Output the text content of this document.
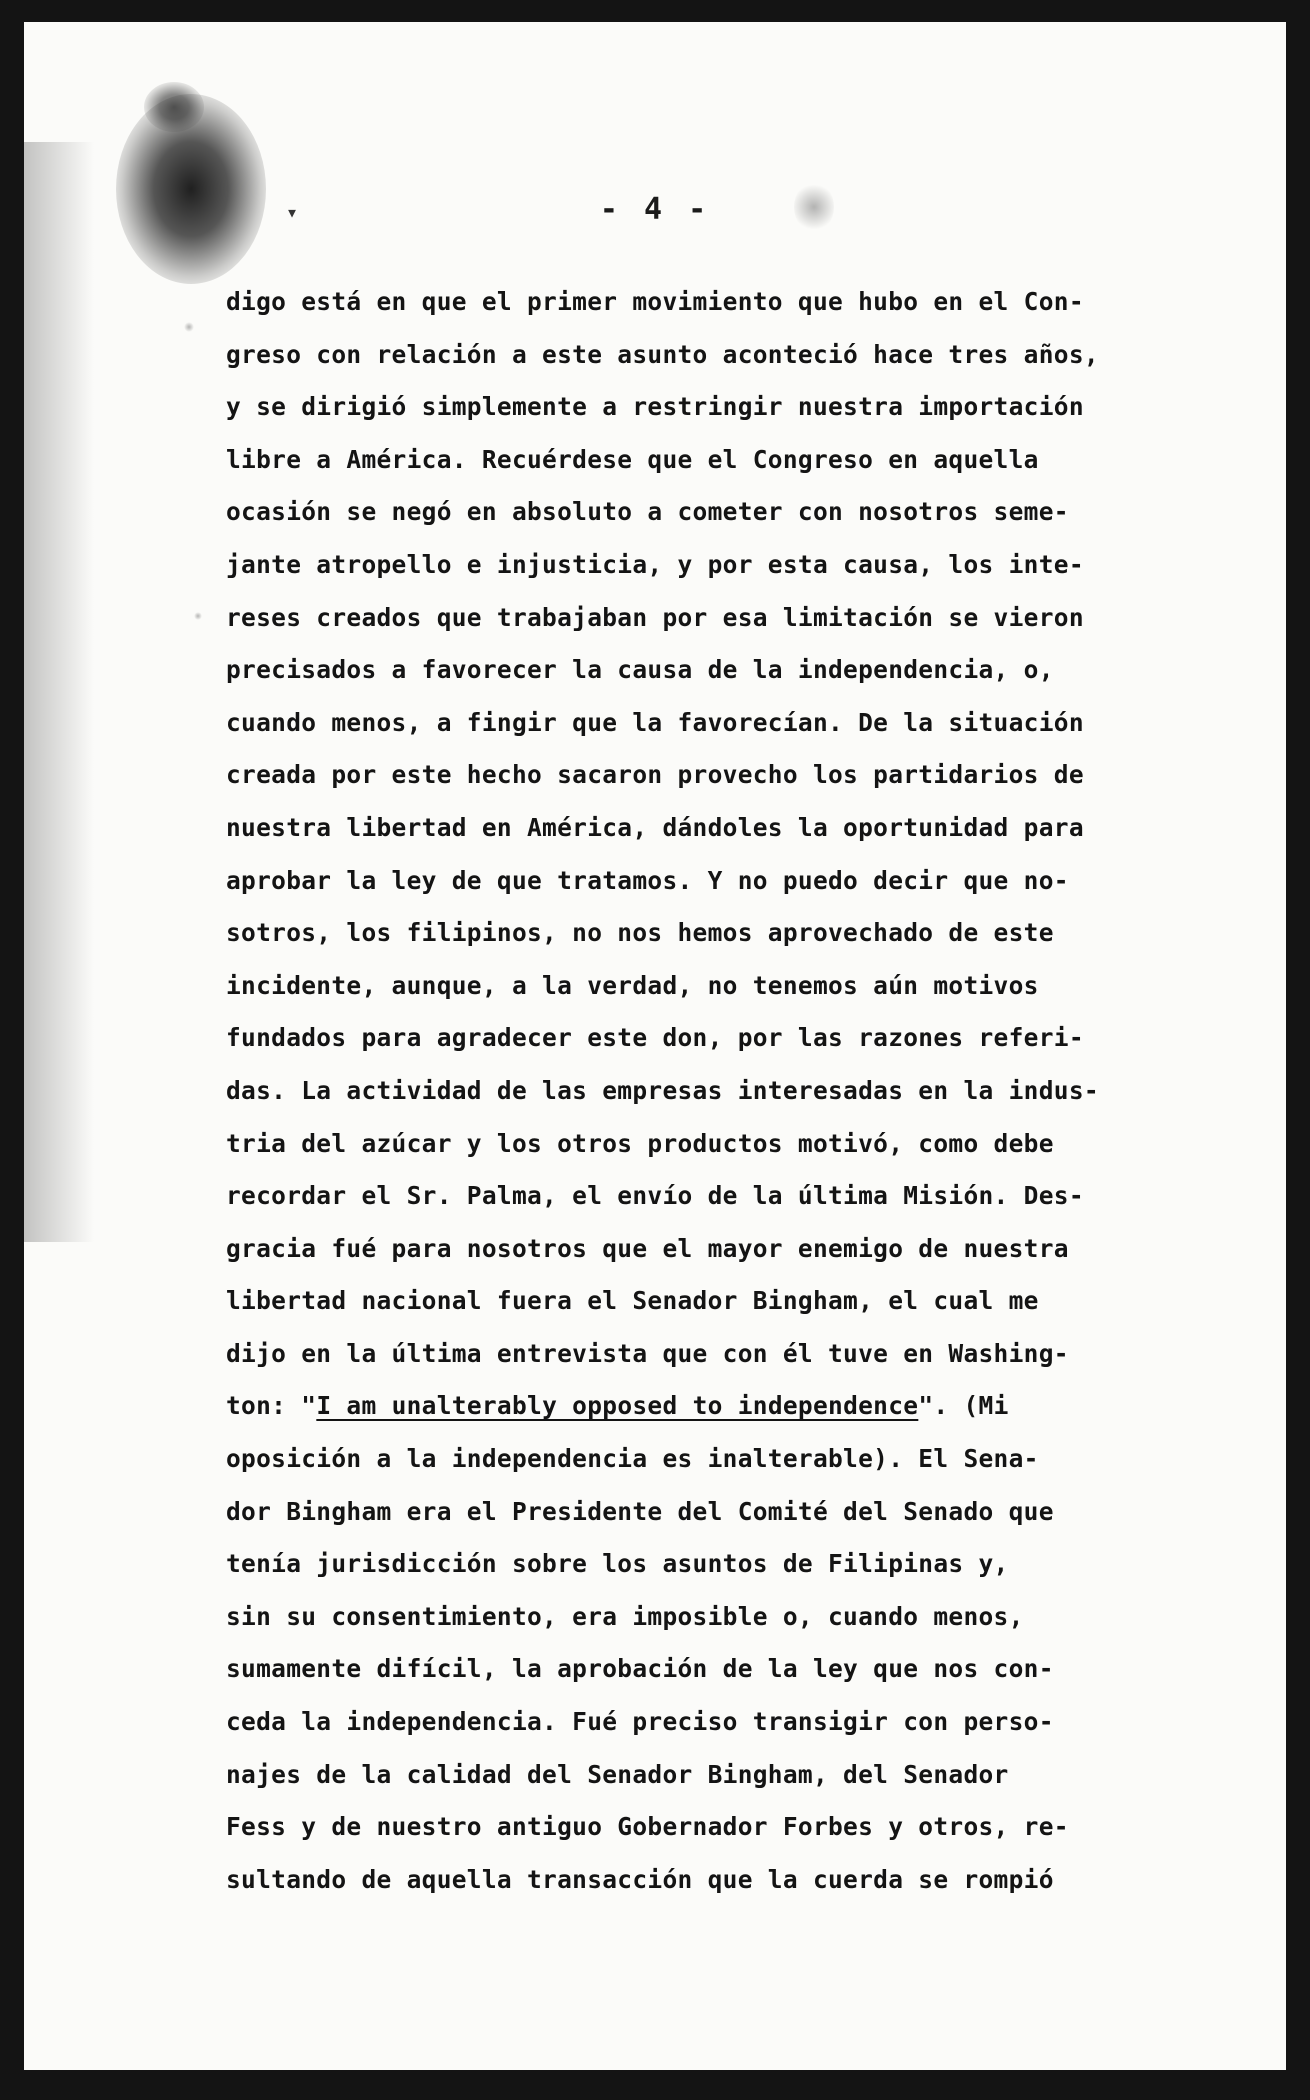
▾	- 4 -
digo está en que el primer movimiento que hubo en el Con-
greso con relación a este asunto aconteció hace tres años,
y se dirigió simplemente a restringir nuestra importación
libre a América. Recuérdese que el Congreso en aquella
ocasión se negó en absoluto a cometer con nosotros seme-
jante atropello e injusticia, y por esta causa, los inte-
reses creados que trabajaban por esa limitación se vieron
precisados a favorecer la causa de la independencia, o,
cuando menos, a fingir que la favorecían. De la situación
creada por este hecho sacaron provecho los partidarios de
nuestra libertad en América, dándoles la oportunidad para
aprobar la ley de que tratamos. Y no puedo decir que no-
sotros, los filipinos, no nos hemos aprovechado de este
incidente, aunque, a la verdad, no tenemos aún motivos
fundados para agradecer este don, por las razones referi-
das. La actividad de las empresas interesadas en la indus-
tria del azúcar y los otros productos motivó, como debe
recordar el Sr. Palma, el envío de la última Misión. Des-
gracia fué para nosotros que el mayor enemigo de nuestra
libertad nacional fuera el Senador Bingham, el cual me
dijo en la última entrevista que con él tuve en Washing-
ton: "I am unalterably opposed to independence". (Mi
oposición a la independencia es inalterable). El Sena-
dor Bingham era el Presidente del Comité del Senado que
tenía jurisdicción sobre los asuntos de Filipinas y,
sin su consentimiento, era imposible o, cuando menos,
sumamente difícil, la aprobación de la ley que nos con-
ceda la independencia. Fué preciso transigir con perso-
najes de la calidad del Senador Bingham, del Senador
Fess y de nuestro antiguo Gobernador Forbes y otros, re-
sultando de aquella transacción que la cuerda se rompió
